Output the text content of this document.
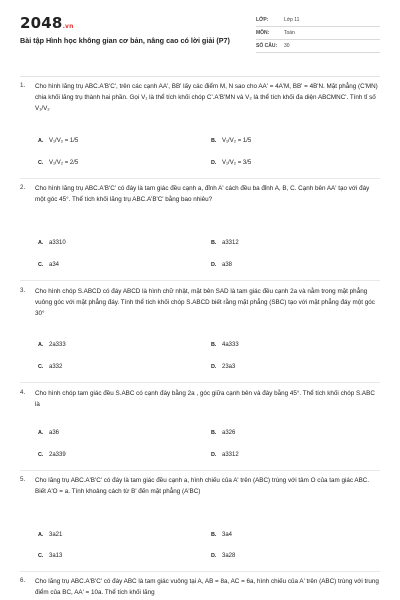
2048.vn
Bài tập Hình học không gian cơ bản, nâng cao có lời giải (P7)
LỚP:	Lớp 11
MÔN:	Toán
SỐ CÂU:	30
1. Cho hình lăng trụ ABC.A'B'C', trên các cạnh AA', BB' lấy các điểm M, N sao cho AA' = 4A'M, BB' = 4B'N. Mặt phẳng (C'MN) chia khối lăng trụ thành hai phần. Gọi V₁ là thể tích khối chóp C'.A'B'MN và V₂ là thể tích khối đa diện ABCMNC'. Tính tỉ số V₁/V₂
A. V₁/V₂ = 1/5	B. V₁/V₂ = 1/5
C. V₁/V₂ = 2/5	D. V₁/V₂ = 3/5
2. Cho hình lăng trụ ABC.A'B'C' có đáy là tam giác đều cạnh a, đỉnh A' cách đều ba đỉnh A, B, C. Cạnh bên AA' tạo với đáy một góc 45°. Thể tích khối lăng trụ ABC.A'B'C' bằng bao nhiêu?
A. a3310	B. a3312
C. a34	D. a38
3. Cho hình chóp S.ABCD có đáy ABCD là hình chữ nhật, mặt bên SAD là tam giác đều cạnh 2a và nằm trong mặt phẳng vuông góc với mặt phẳng đáy. Tính thể tích khối chóp S.ABCD biết rằng mặt phẳng (SBC) tạo với mặt phẳng đáy một góc 30°
A. 2a333	B. 4a333
C. a332	D. 23a3
4. Cho hình chóp tam giác đều S.ABC có cạnh đáy bằng 2a , góc giữa cạnh bên và đáy bằng 45°. Thể tích khối chóp S.ABC là
A. a36	B. a326
C. 2a339	D. a3312
5. Cho lăng trụ ABC.A'B'C' có đáy là tam giác đều cạnh a, hình chiếu của A' trên (ABC) trùng với tâm O của tam giác ABC. Biết A'O = a. Tính khoảng cách từ B' đến mặt phẳng (A'BC)
A. 3a21	B. 3a4
C. 3a13	D. 3a28
6. Cho lăng trụ ABC.A'B'C' có đáy ABC là tam giác vuông tại A, AB = 8a, AC = 6a, hình chiếu của A' trên (ABC) trùng với trung điểm của BC, AA' = 10a. Thể tích khối lăng
